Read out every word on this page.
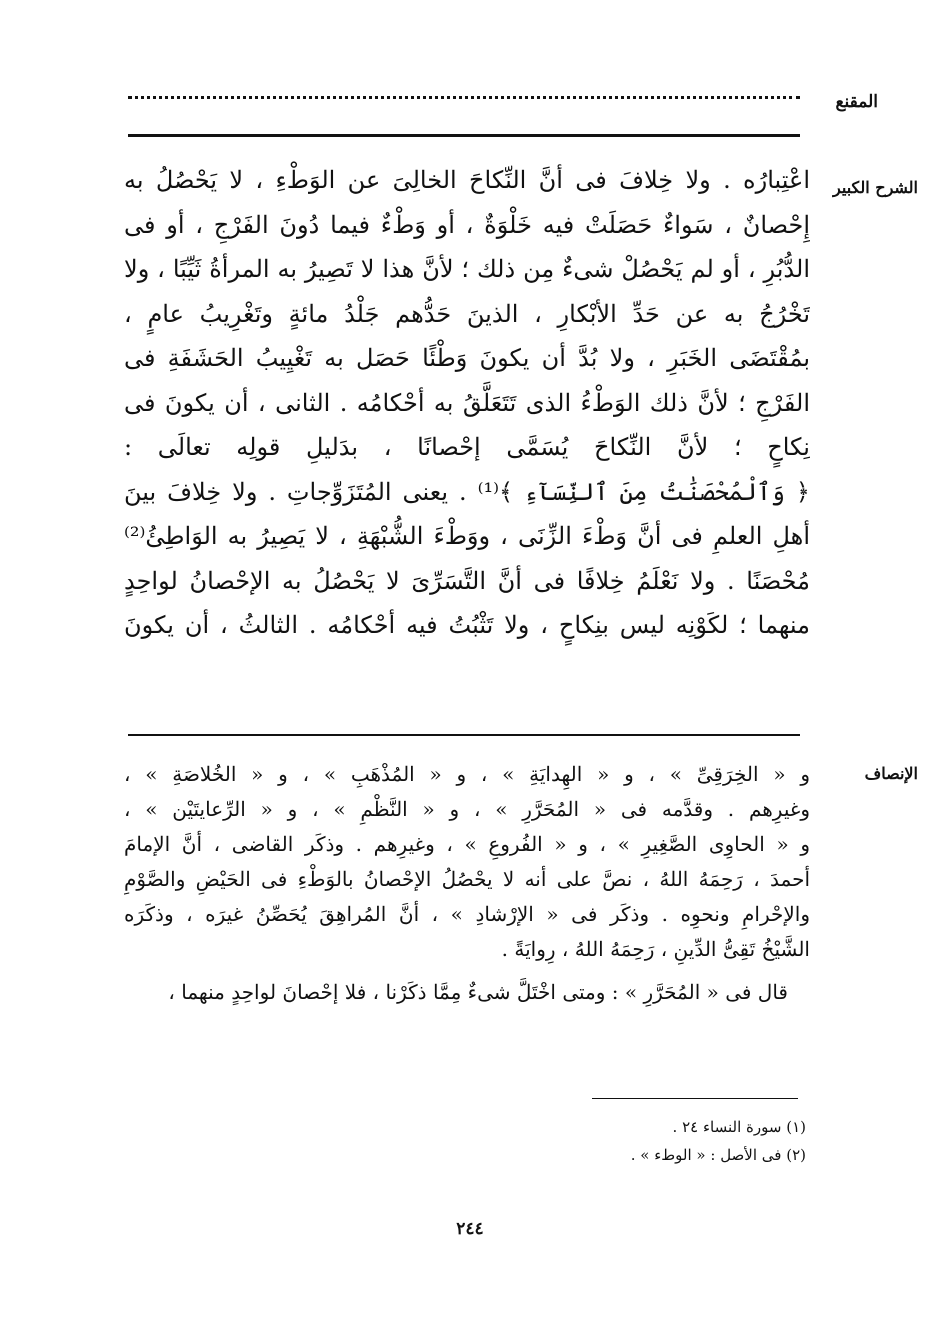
المقنع
الشرح الكبير
اعْتِبارُه . ولا خِلافَ فى أنَّ النِّكاحَ الخالِىَ عن الوَطْءِ ، لا يَحْصُلُ به
إِحْصانٌ ، سَواءٌ حَصَلَتْ فيه خَلْوَةٌ ، أو وَطْءٌ فيما دُونَ الفَرْجِ ، أو فى
الدُّبُرِ ، أو لم يَحْصُلْ شىءٌ مِن ذلك ؛ لأنَّ هذا لا تَصِيرُ به المرأةُ ثَيِّبًا ، ولا
تَخْرُجُ به عن حَدِّ الأبْكارِ ، الذينَ حَدُّهم جَلْدُ مائةٍ وتَغْرِيبُ عامٍ ،
بمُقْتَضَى الخَبَرِ ، ولا بُدَّ أن يكونَ وَطْئًا حَصَل به تَغْيِيبُ الحَشَفَةِ فى
الفَرْجِ ؛ لأنَّ ذلك الوَطْءُ الذى تَتَعَلَّقُ به أحْكامُه . الثانى ، أن يكونَ فى
نِكاحٍ ؛ لأنَّ النِّكاحَ يُسَمَّى إحْصانًا ، بدَليلِ قولِه تعالَى :
﴿ وَٱلْمُحْصَنَٰتُ مِنَ ٱلنِّسَآءِ ﴾⁽¹⁾ . يعنى المُتَزَوِّجاتِ . ولا خِلافَ بينَ
أهلِ العلمِ فى أنَّ وَطْءَ الزِّنَى ، ووَطْءَ الشُّبْهَةِ ، لا يَصِيرُ به الوَاطِئُ⁽²⁾
مُحْصَنًا . ولا نَعْلَمُ خِلافًا فى أنَّ التَّسَرِّىَ لا يَحْصُلُ به الإحْصانُ لواحِدٍ
منهما ؛ لكَوْنِه ليس بنِكاحٍ ، ولا تَثْبُتُ فيه أحْكامُه . الثالثُ ، أن يكونَ
الإنصاف
و « الخِرَقِىِّ » ، و « الهِدايَةِ » ، و « المُذْهَبِ » ، و « الخُلاصَةِ » ،
وغيرِهم . وقدَّمه فى « المُحَرَّرِ » ، و « النَّظْمِ » ، و « الرِّعايتَيْن » ،
و « الحاوِى الصَّغِيرِ » ، و « الفُروعِ » ، وغيرِهم . وذكَر القاضى ، أنَّ الإمامَ
أحمدَ ، رَحِمَهُ اللهُ ، نصَّ على أنه لا يحْصُلُ الإحْصانُ بالوَطْءِ فى الحَيْضِ والصَّوْمِ
والإحْرامِ ونحوِه . وذكَر فى « الإرْشادِ » ، أنَّ المُراهِقَ يُحَصِّنُ غيرَه ، وذكَرَه
الشَّيْخُ تَقِىُّ الدِّينِ ، رَحِمَهُ اللهُ ، رِوايَةً .
قال فى « المُحَرَّرِ » : ومتى اخْتَلَّ شىءٌ مِمَّا ذكَرْنا ، فلا إحْصانَ لواحِدٍ منهما ،
(١) سورة النساء ٢٤ .
(٢) فى الأصل : « الوطء » .
٢٤٤
